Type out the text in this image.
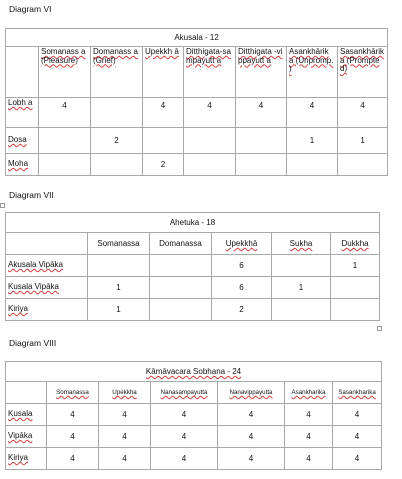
Diagram VI
Akusala - 12							
	Somanass a (Pleasure)	Domanass a (Grief)	Upekkh ā	Ditthigata-sampayutt a	Ditthigata -vippayutt a	Asankhārik a (Unpromp. )	Sasankhārik a (Prompted)
Lobh a	4		4	4	4	4	4
Dosa		2				1	1
Moha			2				
Diagram VII
Ahetuka - 18					
	Somanassa	Domanassa	Upekkhā	Sukha	Dukkha
Akusala Vipāka			6		1
Kusala Vipāka	1		6	1	
Kiriya	1		2		
Diagram VIII
Kāmāvacara Sobhana - 24						
	Somanassa	Upekkha	Nanasampayutta	Nanavippayutta	Asankharika	Sasankharika
Kusala	4	4	4	4	4	4
Vipāka	4	4	4	4	4	4
Kiriya	4	4	4	4	4	4
